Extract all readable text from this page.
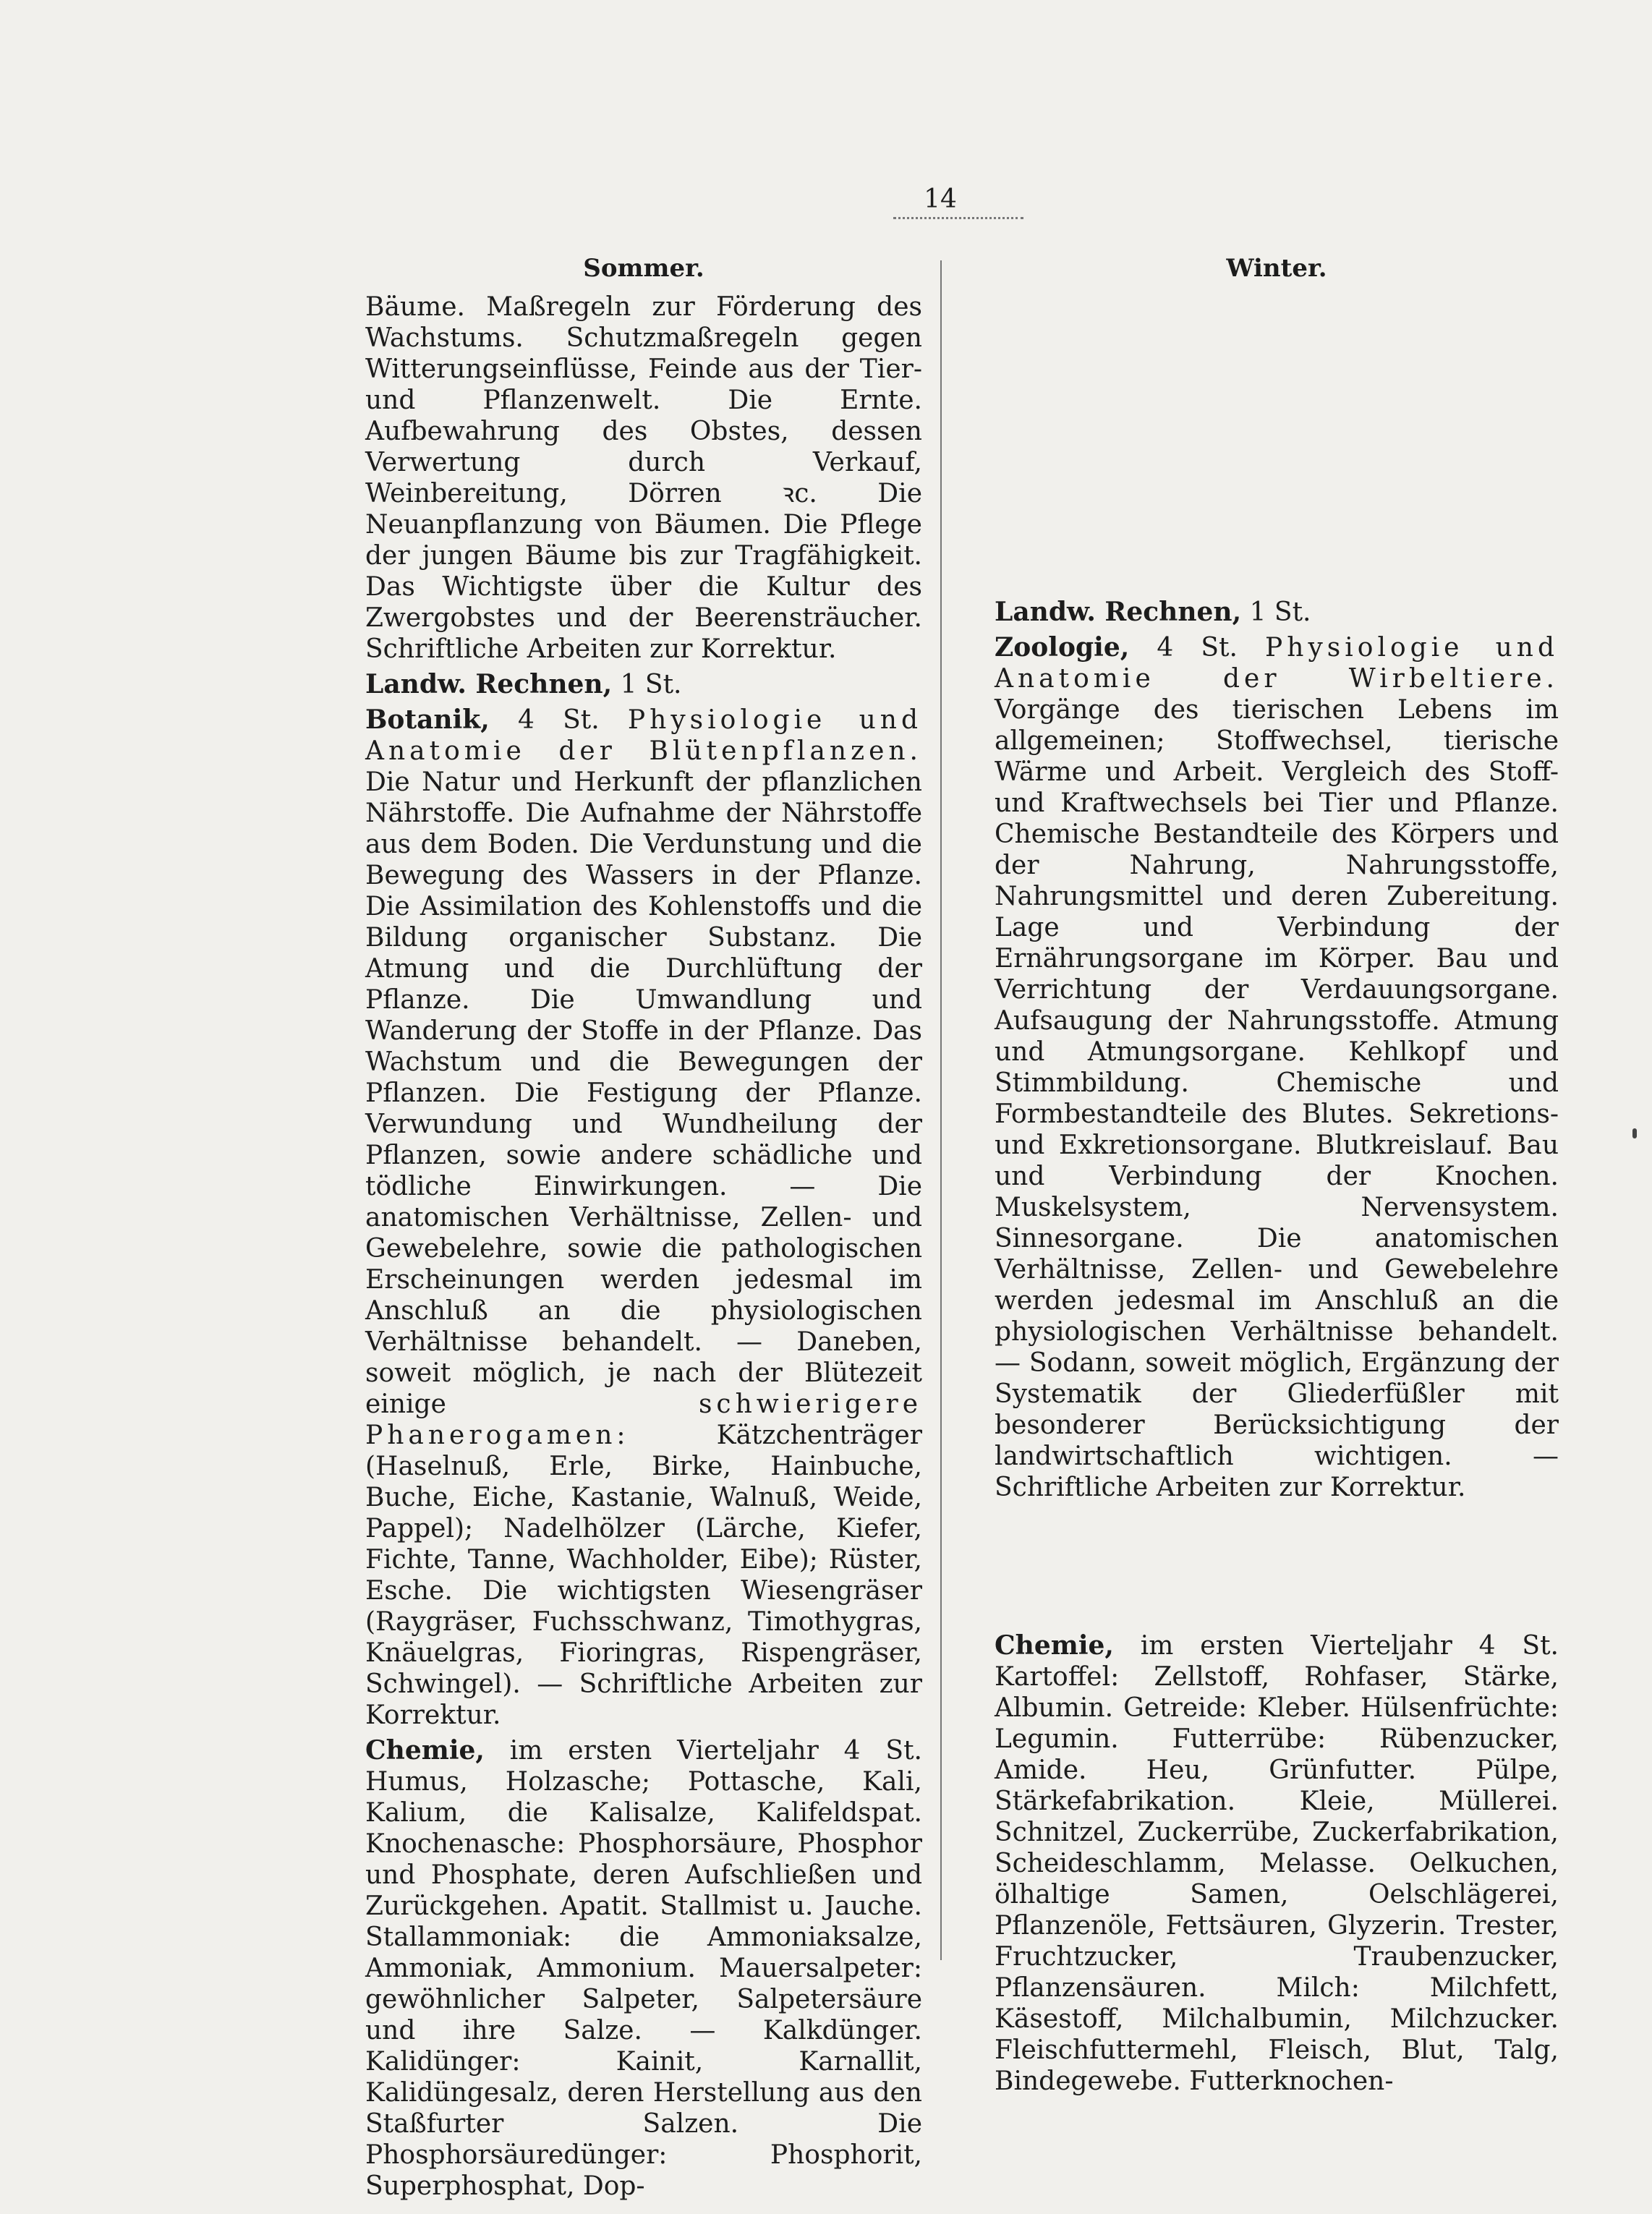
14
Sommer.

Bäume. Maßregeln zur Förderung des Wachstums. Schutzmaßregeln gegen Witterungseinflüsse, Feinde aus der Tier- und Pflanzenwelt. Die Ernte. Aufbewahrung des Obstes, dessen Verwertung durch Verkauf, Weinbereitung, Dörren ꝛc. Die Neuanpflanzung von Bäumen. Die Pflege der jungen Bäume bis zur Tragfähigkeit. Das Wichtigste über die Kultur des Zwergobstes und der Beerensträucher. Schriftliche Arbeiten zur Korrektur.

Landw. Rechnen, 1 St.

Botanik, 4 St. Physiologie und Anatomie der Blütenpflanzen. Die Natur und Herkunft der pflanzlichen Nährstoffe. Die Aufnahme der Nährstoffe aus dem Boden. Die Verdunstung und die Bewegung des Wassers in der Pflanze. Die Assimilation des Kohlenstoffs und die Bildung organischer Substanz. Die Atmung und die Durchlüftung der Pflanze. Die Umwandlung und Wanderung der Stoffe in der Pflanze. Das Wachstum und die Bewegungen der Pflanzen. Die Festigung der Pflanze. Verwundung und Wundheilung der Pflanzen, sowie andere schädliche und tödliche Einwirkungen. — Die anatomischen Verhältnisse, Zellen- und Gewebelehre, sowie die pathologischen Erscheinungen werden jedesmal im Anschluß an die physiologischen Verhältnisse behandelt. — Daneben, soweit möglich, je nach der Blütezeit einige	schwierigere Phanerogamen:	Kätzchenträger (Haselnuß, Erle, Birke, Hainbuche, Buche, Eiche, Kastanie, Walnuß, Weide, Pappel); Nadelhölzer (Lärche, Kiefer, Fichte, Tanne, Wachholder, Eibe); Rüster, Esche. Die wichtigsten Wiesengräser (Raygräser, Fuchsschwanz, Timothygras, Knäuelgras, Fioringras, Rispengräser, Schwingel). — Schriftliche Arbeiten zur Korrektur.

Chemie, im ersten Vierteljahr 4 St. Humus, Holzasche; Pottasche, Kali, Kalium, die Kalisalze, Kalifeldspat. Knochenasche: Phosphorsäure, Phosphor und Phosphate, deren Aufschließen und Zurückgehen. Apatit. Stallmist u. Jauche. Stallammoniak: die Ammoniaksalze, Ammoniak, Ammonium. Mauersalpeter: gewöhnlicher Salpeter, Salpetersäure und ihre Salze. — Kalkdünger. Kalidünger: Kainit, Karnallit, Kalidüngesalz, deren Herstellung aus den Staßfurter Salzen. Die Phosphorsäuredünger: Phosphorit, Superphosphat, Dop-

Winter.

Landw. Rechnen, 1 St.

Zoologie, 4 St. Physiologie und Anatomie der Wirbeltiere. Vorgänge des tierischen Lebens im allgemeinen; Stoffwechsel, tierische Wärme und Arbeit. Vergleich des Stoff- und Kraftwechsels bei Tier und Pflanze. Chemische Bestandteile des Körpers und der Nahrung, Nahrungsstoffe, Nahrungsmittel und deren Zubereitung. Lage und Verbindung der Ernährungsorgane im Körper. Bau und Verrichtung der Verdauungsorgane. Aufsaugung der Nahrungsstoffe. Atmung und Atmungsorgane. Kehlkopf und Stimmbildung. Chemische und Formbestandteile des Blutes. Sekretions- und Exkretionsorgane. Blutkreislauf. Bau und Verbindung der Knochen. Muskelsystem, Nervensystem. Sinnesorgane. Die anatomischen Verhältnisse, Zellen- und Gewebelehre werden jedesmal im Anschluß an die physiologischen Verhältnisse behandelt. — Sodann, soweit möglich, Ergänzung der Systematik der Gliederfüßler mit besonderer Berücksichtigung der landwirtschaftlich wichtigen. — Schriftliche Arbeiten zur Korrektur.

Chemie, im ersten Vierteljahr 4 St. Kartoffel: Zellstoff, Rohfaser, Stärke, Albumin. Getreide: Kleber. Hülsenfrüchte: Legumin. Futterrübe: Rübenzucker, Amide. Heu, Grünfutter. Pülpe, Stärkefabrikation. Kleie, Müllerei. Schnitzel, Zuckerrübe, Zuckerfabrikation, Scheideschlamm, Melasse. Oelkuchen, ölhaltige Samen, Oelschlägerei, Pflanzenöle, Fettsäuren, Glyzerin. Trester, Fruchtzucker, Traubenzucker, Pflanzensäuren. Milch: Milchfett, Käsestoff, Milchalbumin, Milchzucker. Fleischfuttermehl, Fleisch, Blut, Talg, Bindegewebe. Futterknochen-
